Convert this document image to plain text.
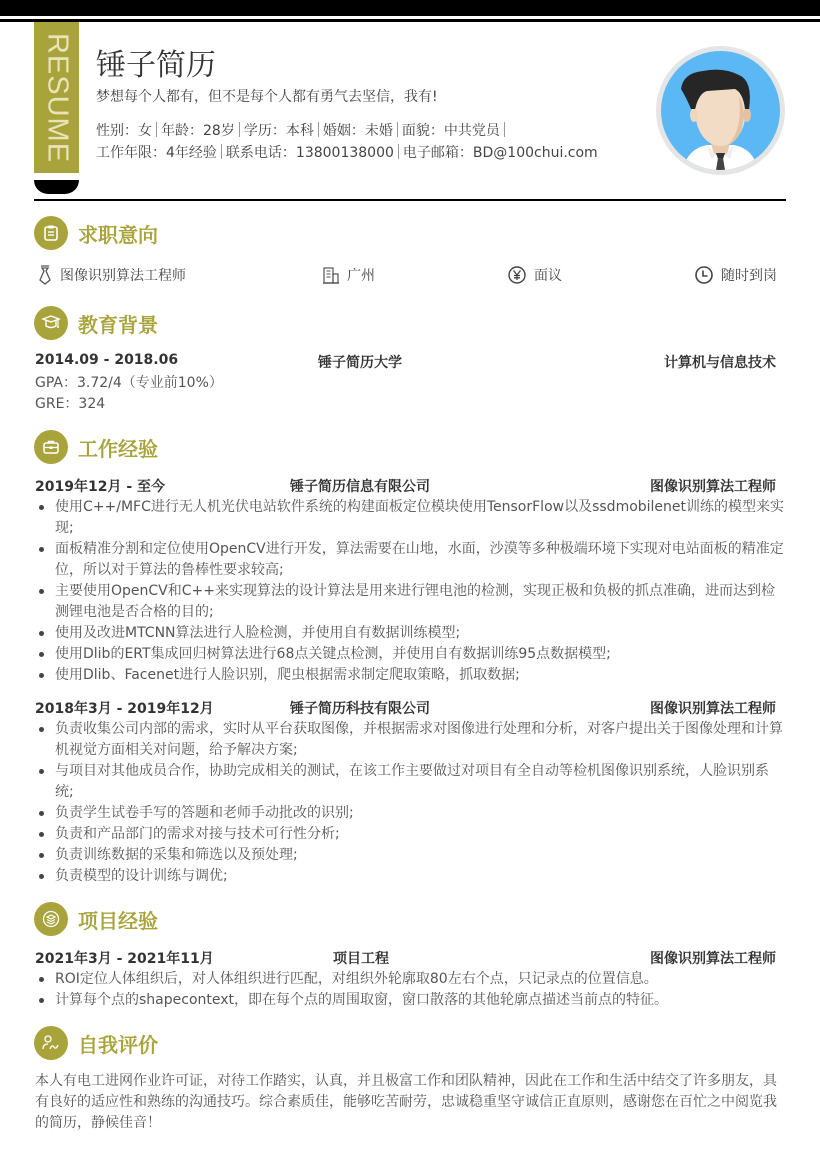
RESUME 锤子简历
梦想每个人都有，但不是每个人都有勇气去坚信，我有!
性别：女 年龄：28岁 学历：本科 婚姻：未婚 面貌：中共党员
工作年限：4年经验 联系电话：13800138000 电子邮箱：BD@100chui.com
求职意向
图像识别算法工程师	广州	面议	随时到岗
教育背景
2014.09 - 2018.06	锤子简历大学	计算机与信息技术
GPA：3.72/4（专业前10%）
GRE：324
工作经验
2019年12月 - 至今	锤子简历信息有限公司	图像识别算法工程师
使用C++/MFC进行无人机光伏电站软件系统的构建面板定位模块使用TensorFlow以及ssdmobilenet训练的模型来实现;
面板精准分割和定位使用OpenCV进行开发，算法需要在山地，水面，沙漠等多种极端环境下实现对电站面板的精准定位，所以对于算法的鲁棒性要求较高;
主要使用OpenCV和C++来实现算法的设计算法是用来进行锂电池的检测，实现正极和负极的抓点准确，进而达到检测锂电池是否合格的目的;
使用及改进MTCNN算法进行人脸检测，并使用自有数据训练模型;
使用Dlib的ERT集成回归树算法进行68点关键点检测，并使用自有数据训练95点数据模型;
使用Dlib、Facenet进行人脸识别，爬虫根据需求制定爬取策略，抓取数据;
2018年3月 - 2019年12月	锤子简历科技有限公司	图像识别算法工程师
负责收集公司内部的需求，实时从平台获取图像，并根据需求对图像进行处理和分析，对客户提出关于图像处理和计算机视觉方面相关对问题，给予解决方案;
与项目对其他成员合作，协助完成相关的测试，在该工作主要做过对项目有全自动等检机图像识别系统，人脸识别系统;
负责学生试卷手写的答题和老师手动批改的识别;
负责和产品部门的需求对接与技术可行性分析;
负责训练数据的采集和筛选以及预处理;
负责模型的设计训练与调优;
项目经验
2021年3月 - 2021年11月	项目工程	图像识别算法工程师
ROI定位人体组织后，对人体组织进行匹配，对组织外轮廓取80左右个点，只记录点的位置信息。
计算每个点的shapecontext，即在每个点的周围取窗，窗口散落的其他轮廓点描述当前点的特征。
自我评价
本人有电工进网作业许可证，对待工作踏实，认真，并且极富工作和团队精神，因此在工作和生活中结交了许多朋友，具有良好的适应性和熟练的沟通技巧。综合素质佳，能够吃苦耐劳，忠诚稳重坚守诚信正直原则，感谢您在百忙之中阅览我的简历，静候佳音！
